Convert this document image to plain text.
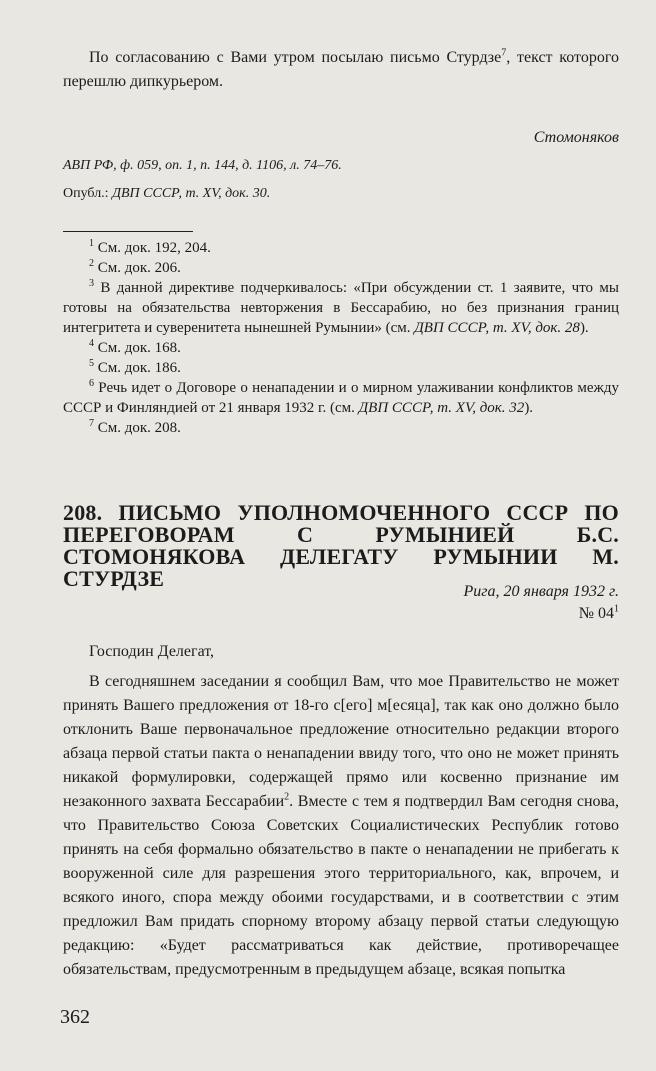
По согласованию с Вами утром посылаю письмо Стурдзе$^7$, текст которого перешлю дипкурьером.

Стомоняков

АВП РФ, ф. 059, оп. 1, п. 144, д. 1106, л. 74–76.

Опубл.: ДВП СССР, т. XV, док. 30.

$^1$ См. док. 192, 204.

$^2$ См. док. 206.

$^3$ В данной директиве подчеркивалось: «При обсуждении ст. 1 заявите, что мы готовы на обязательства невторжения в Бессарабию, но без признания границ интегритета и суверенитета нынешней Румынии» (см. ДВП СССР, т. XV, док. 28).

$^4$ См. док. 168.

$^5$ См. док. 186.

$^6$ Речь идет о Договоре о ненападении и о мирном улаживании конфликтов между СССР и Финляндией от 21 января 1932 г. (см. ДВП СССР, т. XV, док. 32).

$^7$ См. док. 208.

208. ПИСЬМО УПОЛНОМОЧЕННОГО СССР ПО ПЕРЕГОВОРАМ С РУМЫНИЕЙ Б.С. СТОМОНЯКОВА ДЕЛЕГАТУ РУМЫНИИ М. СТУРДЗЕ

Рига, 20 января 1932 г.

№ $04^1$

Господин Делегат,

В сегодняшнем заседании я сообщил Вам, что мое Правительство не может принять Вашего предложения от 18-го с[его] м[есяца], так как оно должно было отклонить Ваше первоначальное предложение относительно редакции второго абзаца первой статьи пакта о ненападении ввиду того, что оно не может принять никакой формулировки, содержащей прямо или косвенно признание им незаконного захвата Бессарабии$^2$. Вместе с тем я подтвердил Вам сегодня снова, что Правительство Союза Советских Социалистических Республик готово принять на себя формально обязательство в пакте о ненападении не прибегать к вооруженной силе для разрешения этого территориального, как, впрочем, и всякого иного, спора между обоими государствами, и в соответствии с этим предложил Вам придать спорному второму абзацу первой статьи следующую редакцию: «Будет рассматриваться как действие, противоречащее обязательствам, предусмотренным в предыдущем абзаце, всякая попытка

362
